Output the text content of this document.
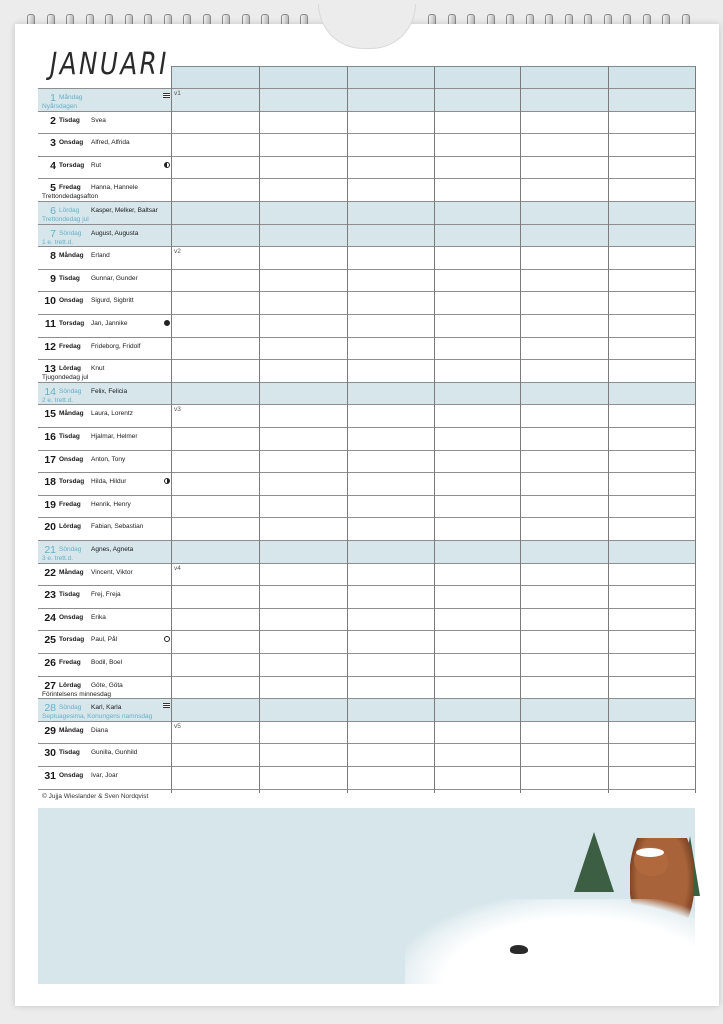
JANUARI
1 Måndag
Nyårsdagen
v1
2 Tisdag Svea
3 Onsdag Alfred, Alfrida
4 Torsdag Rut
5 Fredag Hanna, Hannele
Trettondedagsafton
6 Lördag Kasper, Melker, Baltsar
Trettondedag jul
7 Söndag August, Augusta
1 e. trett.d.
8 Måndag Erland
v2
9 Tisdag Gunnar, Gunder
10 Onsdag Sigurd, Sigbritt
11 Torsdag Jan, Jannike
12 Fredag Frideborg, Fridolf
13 Lördag Knut
Tjugondedag jul
14 Söndag Felix, Felicia
2 e. trett.d.
15 Måndag Laura, Lorentz
v3
16 Tisdag Hjalmar, Helmer
17 Onsdag Anton, Tony
18 Torsdag Hilda, Hildur
19 Fredag Henrik, Henry
20 Lördag Fabian, Sebastian
21 Söndag Agnes, Agneta
3 e. trett.d.
22 Måndag Vincent, Viktor
v4
23 Tisdag Frej, Freja
24 Onsdag Erika
25 Torsdag Paul, Pål
26 Fredag Bodil, Boel
27 Lördag Göte, Göta
Förintelsens minnesdag
28 Söndag Karl, Karla
Septuagesima, Konungens namnsdag
29 Måndag Diana
v5
30 Tisdag Gunilla, Gunhild
31 Onsdag Ivar, Joar
© Jujja Wieslander & Sven Nordqvist
